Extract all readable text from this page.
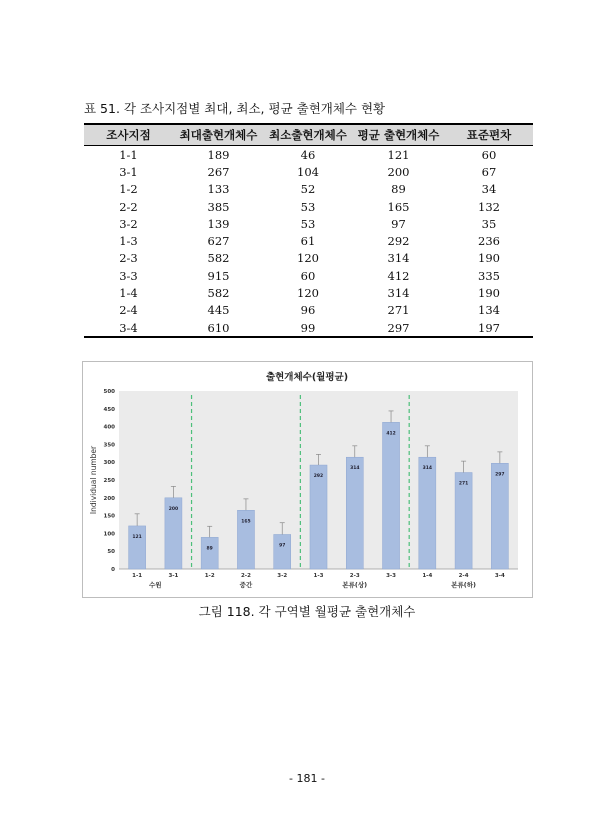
표 51. 각 조사지점별 최대, 최소, 평균 출현개체수 현황
조사지점	최대출현개체수	최소출현개체수	평균 출현개체수	표준편차
1-1	189	46	121	60
3-1	267	104	200	67
1-2	133	52	89	34
2-2	385	53	165	132
3-2	139	53	97	35
1-3	627	61	292	236
2-3	582	120	314	190
3-3	915	60	412	335
1-4	582	120	314	190
2-4	445	96	271	134
3-4	610	99	297	197
출현개체수(월평균)
Individual number
0
50
100
150
200
250
300
350
400
450
500
121
1-1
200
3-1
89
1-2
165
2-2
97
3-2
292
1-3
314
2-3
412
3-3
314
1-4
271
2-4
297
3-4
수원	중간	본류(상)	본류(하)
그림 118. 각 구역별 월평균 출현개체수
- 181 -
